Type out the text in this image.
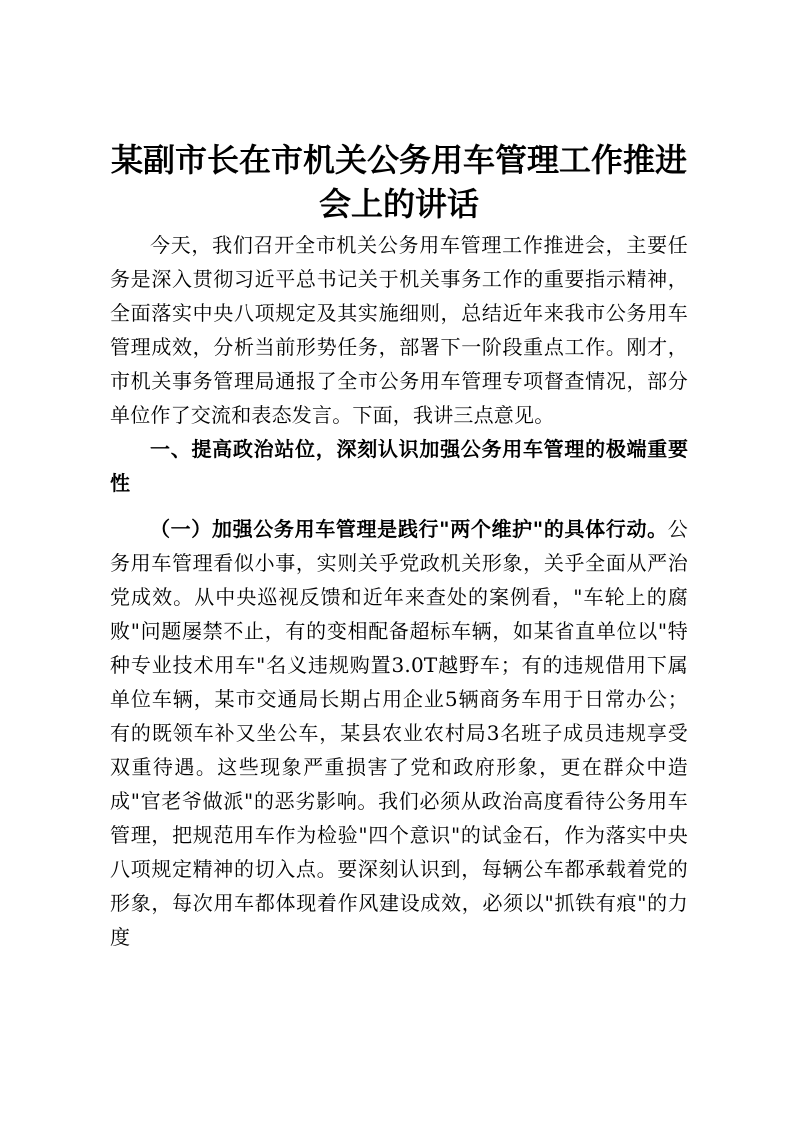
某副市长在市机关公务用车管理工作推进会上的讲话

今天，我们召开全市机关公务用车管理工作推进会，主要任务是深入贯彻习近平总书记关于机关事务工作的重要指示精神，全面落实中央八项规定及其实施细则，总结近年来我市公务用车管理成效，分析当前形势任务，部署下一阶段重点工作。刚才，市机关事务管理局通报了全市公务用车管理专项督查情况，部分单位作了交流和表态发言。下面，我讲三点意见。

一、提高政治站位，深刻认识加强公务用车管理的极端重要性

（一）加强公务用车管理是践行"两个维护"的具体行动。公务用车管理看似小事，实则关乎党政机关形象，关乎全面从严治党成效。从中央巡视反馈和近年来查处的案例看，"车轮上的腐败"问题屡禁不止，有的变相配备超标车辆，如某省直单位以"特种专业技术用车"名义违规购置3.0T越野车；有的违规借用下属单位车辆，某市交通局长期占用企业5辆商务车用于日常办公；有的既领车补又坐公车，某县农业农村局3名班子成员违规享受双重待遇。这些现象严重损害了党和政府形象，更在群众中造成"官老爷做派"的恶劣影响。我们必须从政治高度看待公务用车管理，把规范用车作为检验"四个意识"的试金石，作为落实中央八项规定精神的切入点。要深刻认识到，每辆公车都承载着党的形象，每次用车都体现着作风建设成效，必须以"抓铁有痕"的力度
